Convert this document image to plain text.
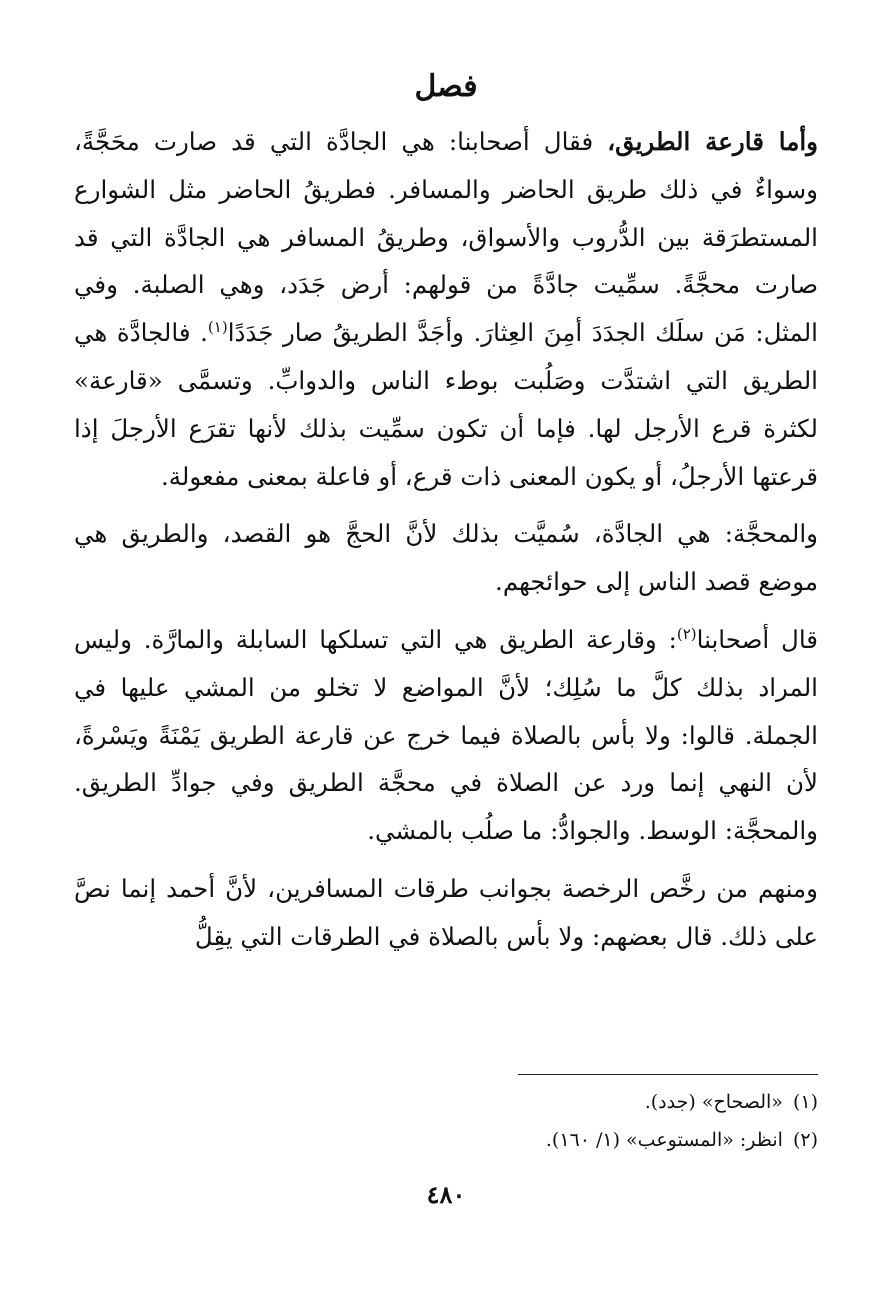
فصل

وأما قارعة الطريق، فقال أصحابنا: هي الجادَّة التي قد صارت محَجَّةً، وسواءٌ في ذلك طريق الحاضر والمسافر. فطريقُ الحاضر مثل الشوارع المستطرَقة بين الدُّروب والأسواق، وطريقُ المسافر هي الجادَّة التي قد صارت محجَّةً. سمِّيت جادَّةً من قولهم: أرض جَدَد، وهي الصلبة. وفي المثل: مَن سلَك الجدَدَ أمِنَ العِثارَ. وأجَدَّ الطريقُ صار جَدَدًا$^{(١)}$. فالجادَّة هي الطريق التي اشتدَّت وصَلُبت بوطء الناس والدوابِّ. وتسمَّى «قارعة» لكثرة قرع الأرجل لها. فإما أن تكون سمِّيت بذلك لأنها تقرَع الأرجلَ إذا قرعتها الأرجلُ، أو يكون المعنى ذات قرع، أو فاعلة بمعنى مفعولة.

والمحجَّة: هي الجادَّة، سُميَّت بذلك لأنَّ الحجَّ هو القصد، والطريق هي موضع قصد الناس إلى حوائجهم.

قال أصحابنا$^{(٢)}$: وقارعة الطريق هي التي تسلكها السابلة والمارَّة. وليس المراد بذلك كلَّ ما سُلِك؛ لأنَّ المواضع لا تخلو من المشي عليها في الجملة. قالوا: ولا بأس بالصلاة فيما خرج عن قارعة الطريق يَمْنَةً ويَسْرةً، لأن النهي إنما ورد عن الصلاة في محجَّة الطريق وفي جوادِّ الطريق. والمحجَّة: الوسط. والجوادُّ: ما صلُب بالمشي.

ومنهم من رخَّص الرخصة بجوانب طرقات المسافرين، لأنَّ أحمد إنما نصَّ على ذلك. قال بعضهم: ولا بأس بالصلاة في الطرقات التي يقِلُّ

(١)«الصحاح» (جدد).

(٢)انظر: «المستوعب» (١/ ١٦٠).

٤٨٠
